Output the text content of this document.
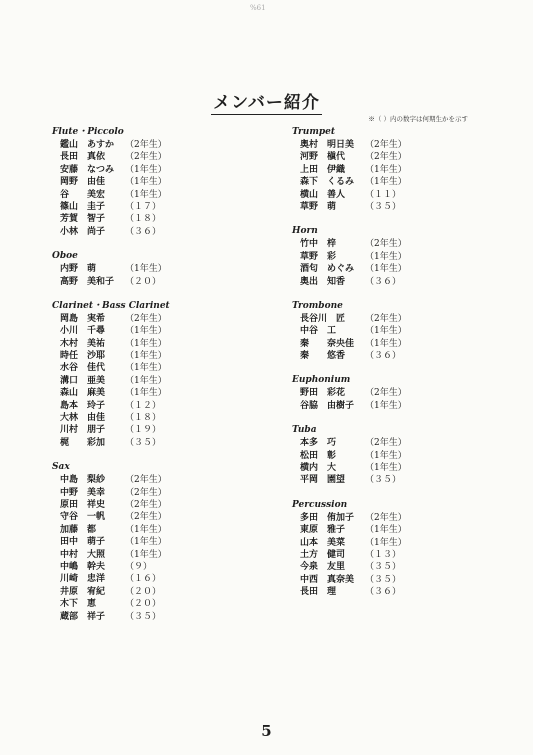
%61
メンバー紹介
※（ ）内の数字は何期生かを示す
Flute・Piccolo
鑑山　あすか	（2年生）
長田　真依	（2年生）
安藤　なつみ	（1年生）
岡野　由佳	（1年生）
谷　　美宏	（1年生）
篠山　圭子	（１７）
芳賀　智子	（１８）
小林　尚子	（３６）
Oboe
内野　萌	（1年生）
高野　美和子	（２０）
Clarinet・Bass Clarinet
岡島　実希	（2年生）
小川　千尋	（1年生）
木村　美祐	（1年生）
時任　沙耶	（1年生）
水谷　佳代	（1年生）
溝口　亜美	（1年生）
森山　麻美	（1年生）
島本　玲子	（１２）
大林　由佳	（１８）
川村　朋子	（１９）
梶　　彩加	（３５）
Sax
中島　梨紗	（2年生）
中野　美幸	（2年生）
原田　祥史	（2年生）
守谷　一帆	（2年生）
加藤　都	（1年生）
田中　萌子	（1年生）
中村　大照	（1年生）
中嶋　幹夫	（９）
川崎　忠洋	（１６）
井原　宥紀	（２０）
木下　恵	（２０）
蔵部　祥子	（３５）
Trumpet
奥村　明日美	（2年生）
河野　槇代	（2年生）
上田　伊織	（1年生）
森下　くるみ	（1年生）
横山　善人	（１１）
草野　萌	（３５）
Horn
竹中　梓	（2年生）
草野　彩	（1年生）
酒匂　めぐみ	（1年生）
奥出　知香	（３６）
Trombone
長谷川　匠	（2年生）
中谷　工	（1年生）
秦　　奈央佳	（1年生）
秦　　悠香	（３６）
Euphonium
野田　彩花	（2年生）
谷脇　由樹子	（1年生）
Tuba
本多　巧	（2年生）
松田　彰	（1年生）
横内　大	（1年生）
平岡　園望	（３５）
Percussion
多田　侑加子	（2年生）
東原　雅子	（1年生）
山本　美菜	（1年生）
土方　健司	（１３）
今泉　友里	（３５）
中西　真奈美	（３５）
長田　理	（３６）
5
